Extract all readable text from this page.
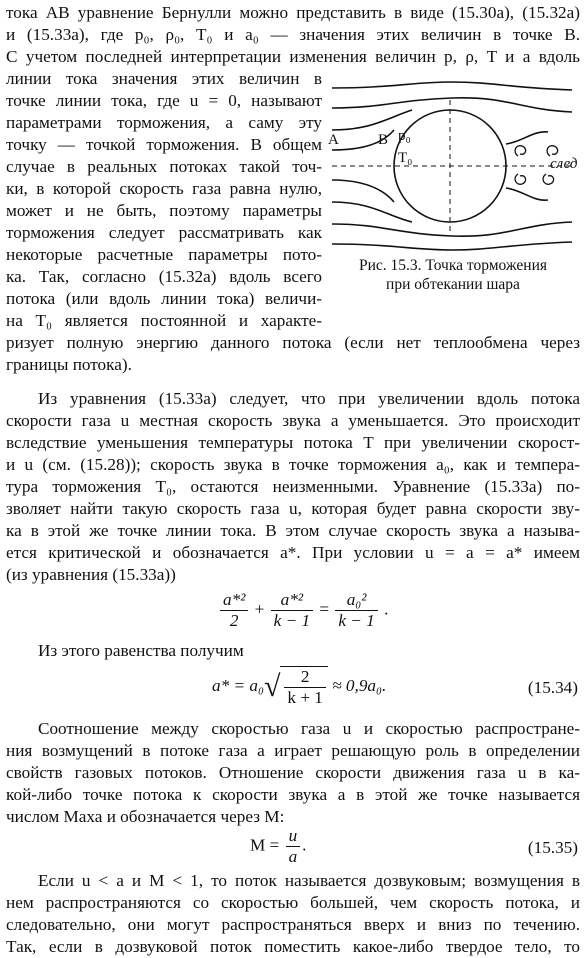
тока АВ уравнение Бернулли можно представить в виде (15.30а), (15.32а)
и (15.33а), где p₀, ρ₀, T₀ и a₀ — значения этих величин в точке В.
С учетом последней интерпретации изменения величин p, ρ, T и a вдоль
линии тока значения этих величин в
точке линии тока, где u = 0, называют
параметрами торможения, а саму эту
точку — точкой торможения. В общем
случае в реальных потоках такой точ-
ки, в которой скорость газа равна нулю,
может и не быть, поэтому параметры
торможения следует рассматривать как
некоторые расчетные параметры пото-
ка. Так, согласно (15.32а) вдоль всего
потока (или вдоль линии тока) величи-
на T₀ является постоянной и характе-
ризует полную энергию данного потока (если нет теплообмена через
границы потока).
A	B p₀
T₀	след
Рис. 15.3. Точка торможения
при обтекании шара
Из уравнения (15.33а) следует, что при увеличении вдоль потока
скорости газа u местная скорость звука a уменьшается. Это происходит
вследствие уменьшения температуры потока T при увеличении скорост-
и u (см. (15.28)); скорость звука в точке торможения a₀, как и темпера-
тура торможения T₀, остаются неизменными. Уравнение (15.33а) по-
зволяет найти такую скорость газа u, которая будет равна скорости зву-
ка в этой же точке линии тока. В этом случае скорость звука a называ-
ется критической и обозначается a*. При условии u = a = a* имеем
(из уравнения (15.33а))
$\frac{\text{a*²}}{2} + \frac{\text{a*²}}{k - 1} = \frac{\text{a₀²}}{k - 1}$ .
Из этого равенства получим
$a* = a_0√ \frac{2}{k + 1} \approx 0,9a_0$.	(15.34)
Соотношение между скоростью газа u и скоростью распростране-
ния возмущений в потоке газа a играет решающую роль в определении
свойств газовых потоков. Отношение скорости движения газа u в ка-
кой-либо точке потока к скорости звука a в этой же точке называется
числом Маха и обозначается через М:
$M = \frac{u}{a}$ .	(15.35)
Если u < a и M < 1, то поток называется дозвуковым; возмущения в
нем распространяются со скоростью большей, чем скорость потока, и
следовательно, они могут распространяться вверх и вниз по течению.
Так, если в дозвуковой поток поместить какое-либо твердое тело, то
